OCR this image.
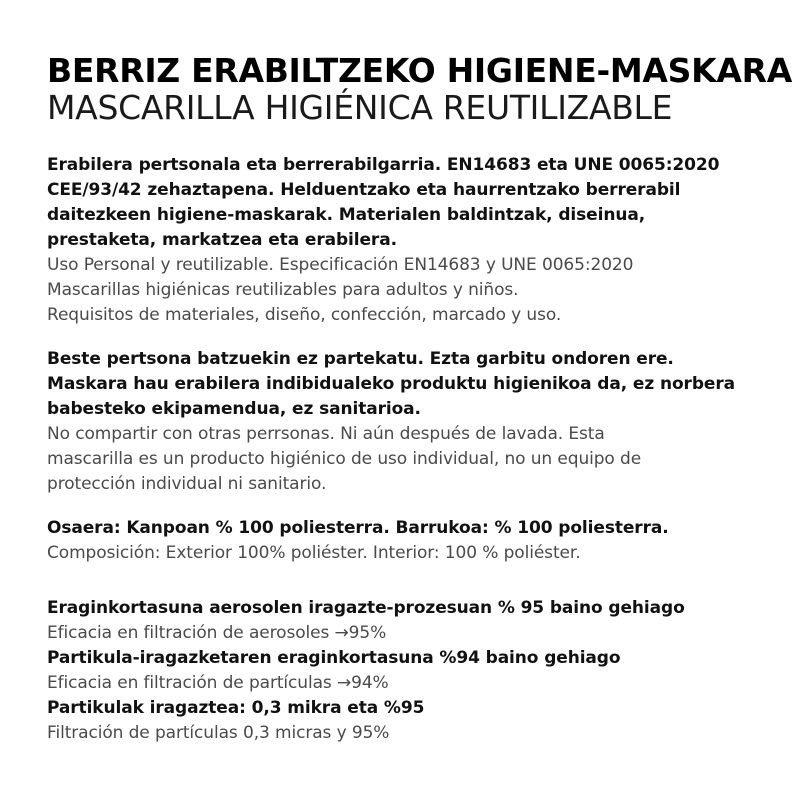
BERRIZ ERABILTZEKO HIGIENE-MASKARA
MASCARILLA HIGIÉNICA REUTILIZABLE

Erabilera pertsonala eta berrerabilgarria. EN14683 eta UNE 0065:2020

CEE/93/42 zehaztapena. Helduentzako eta haurrentzako berrerabil

daitezkeen higiene-maskarak. Materialen baldintzak, diseinua,

prestaketa, markatzea eta erabilera.

Uso Personal y reutilizable. Especificación EN14683 y UNE 0065:2020

Mascarillas higiénicas reutilizables para adultos y niños.

Requisitos de materiales, diseño, confección, marcado y uso.

Beste pertsona batzuekin ez partekatu. Ezta garbitu ondoren ere.

Maskara hau erabilera indibidualeko produktu higienikoa da, ez norbera

babesteko ekipamendua, ez sanitarioa.

No compartir con otras perrsonas. Ni aún después de lavada. Esta

mascarilla es un producto higiénico de uso individual, no un equipo de

protección individual ni sanitario.

Osaera: Kanpoan % 100 poliesterra. Barrukoa: % 100 poliesterra.

Composición: Exterior 100% poliéster. Interior: 100 % poliéster.

Eraginkortasuna aerosolen iragazte-prozesuan % 95 baino gehiago

Eficacia en filtración de aerosoles →95%

Partikula-iragazketaren eraginkortasuna %94 baino gehiago

Eficacia en filtración de partículas →94%

Partikulak iragaztea: 0,3 mikra eta %95

Filtración de partículas 0,3 micras y 95%
